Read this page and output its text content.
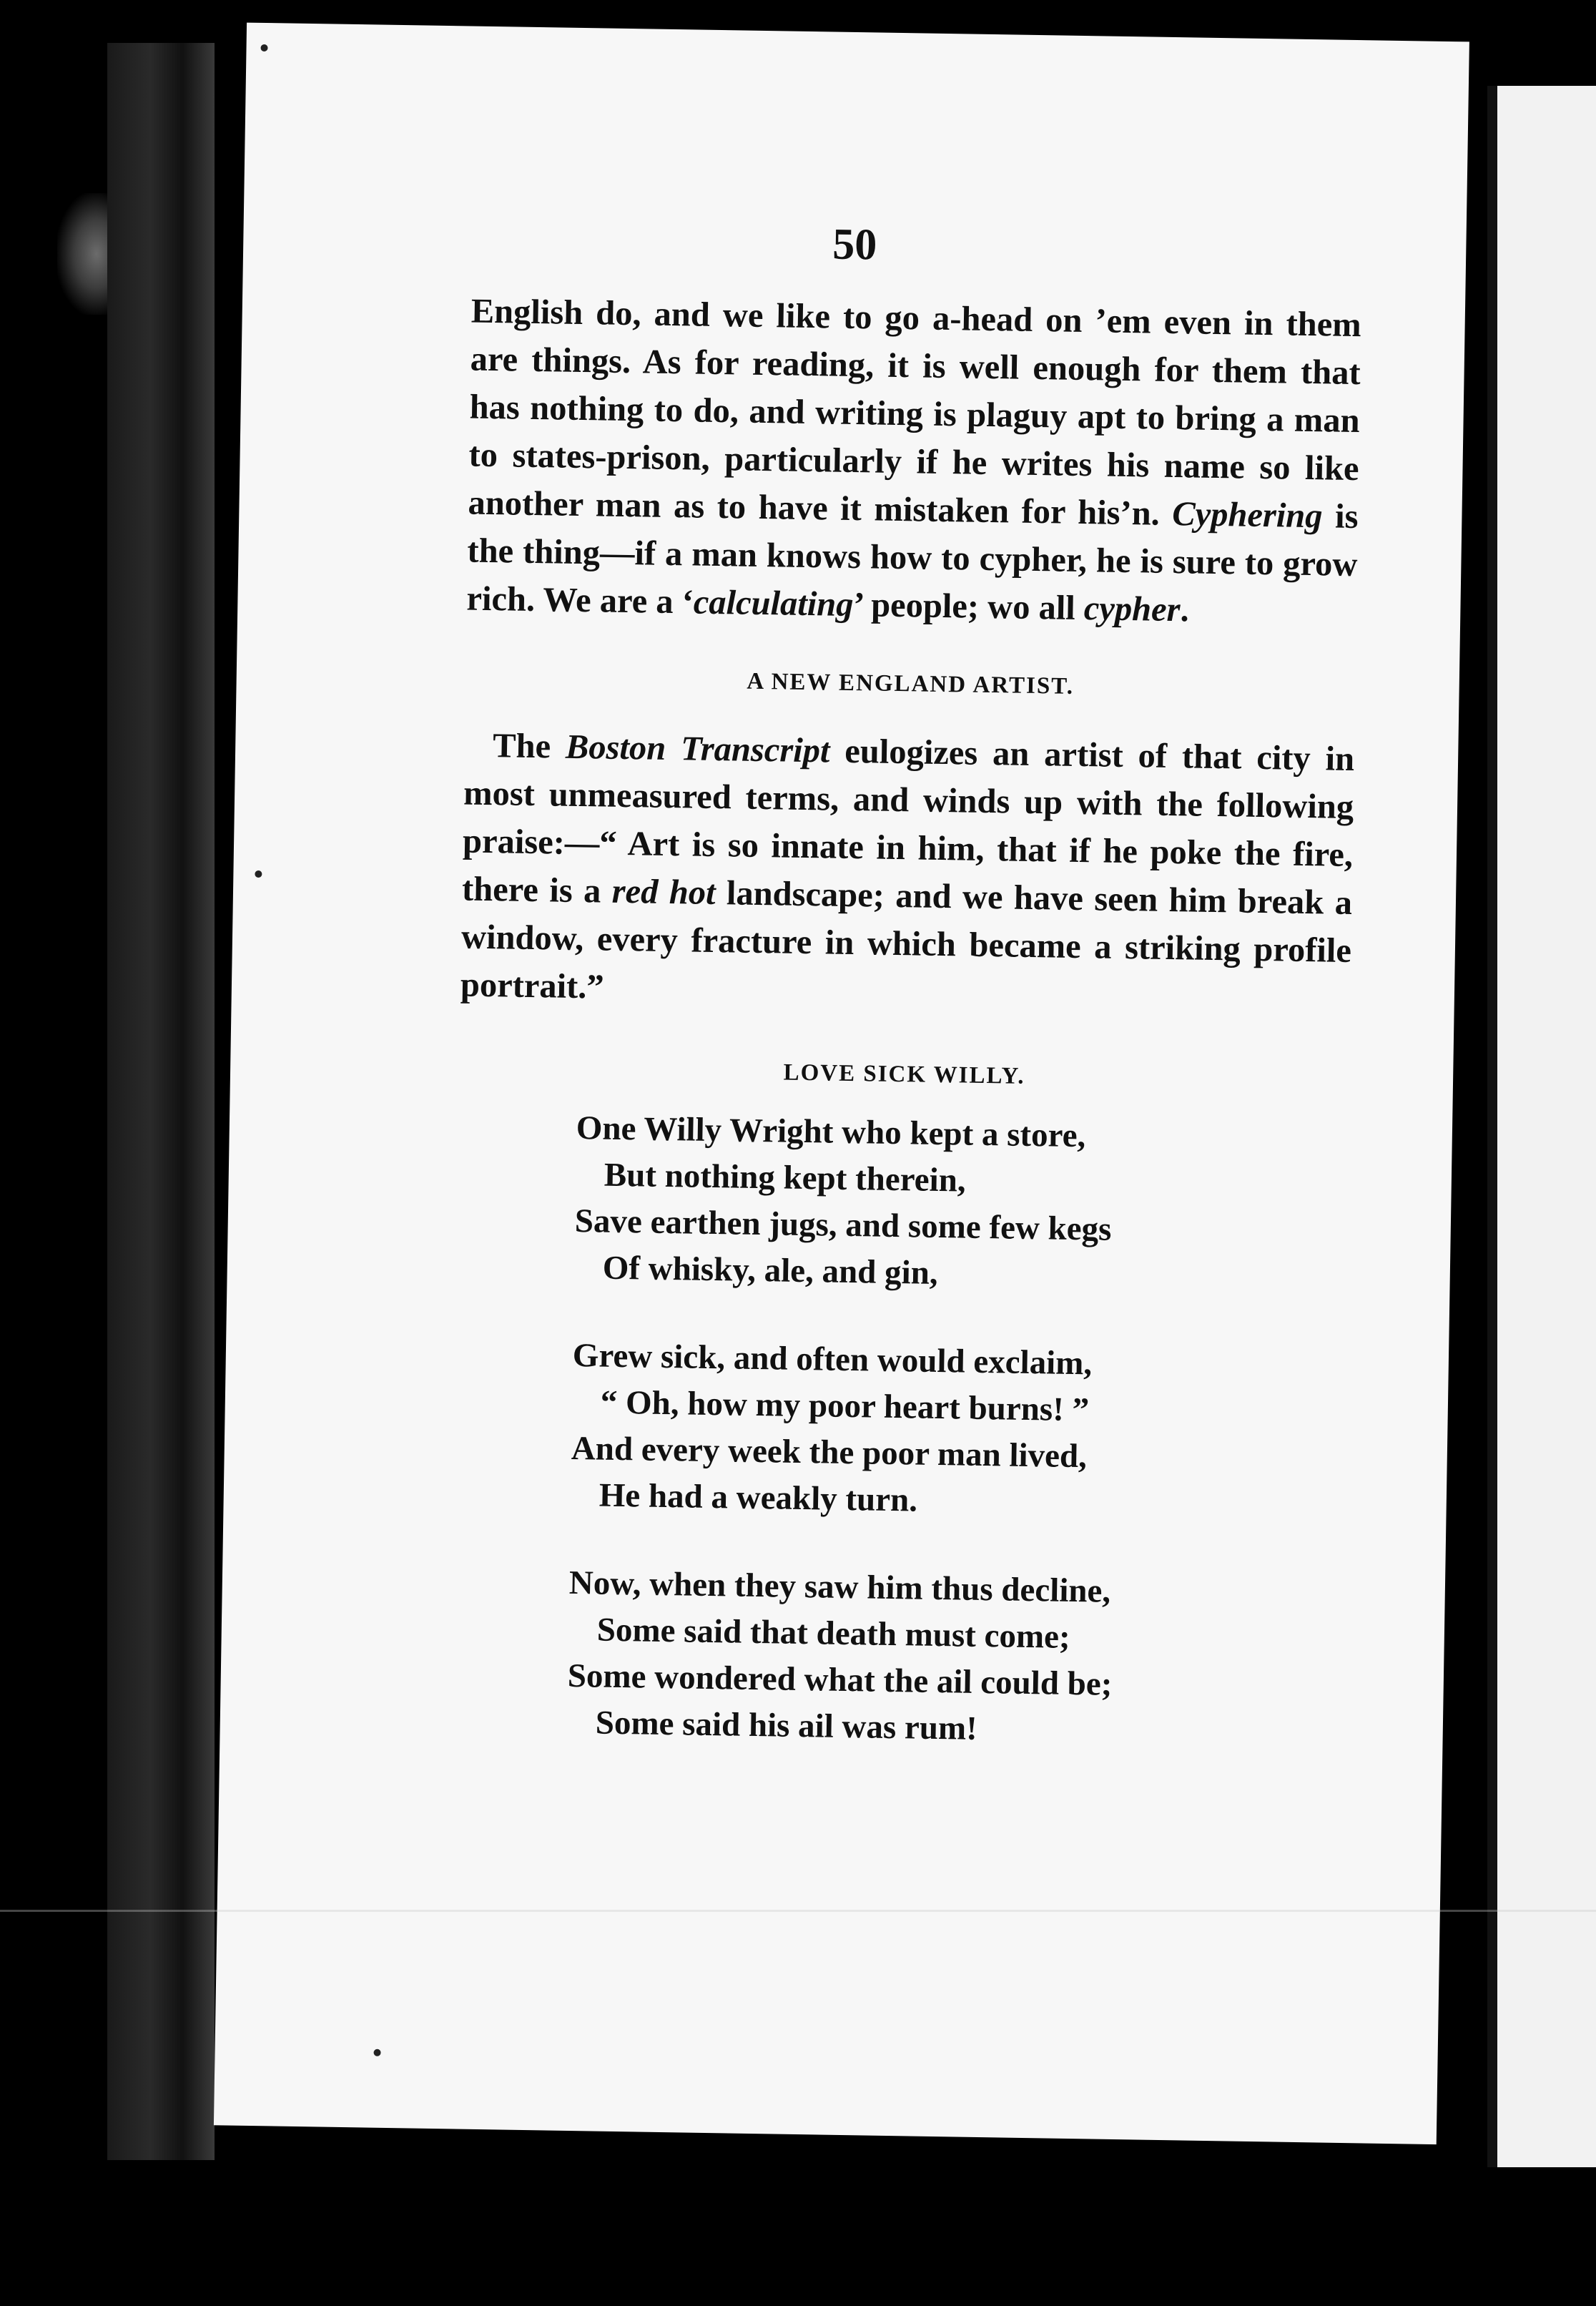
50

English do, and we like to go a-head on ’em even in them are things. As for reading, it is well enough for them that has nothing to do, and writing is plaguy apt to bring a man to states-prison, particularly if he writes his name so like another man as to have it mistaken for his’n. Cyphering is the thing—if a man knows how to cypher, he is sure to grow rich. We are a ‘calculating’ people; wo all cypher.

A NEW ENGLAND ARTIST.

The Boston Transcript eulogizes an artist of that city in most unmeasured terms, and winds up with the following praise:—“ Art is so innate in him, that if he poke the fire, there is a red hot landscape; and we have seen him break a window, every fracture in which became a striking profile portrait.”

LOVE SICK WILLY.
One Willy Wright who kept a store,
But nothing kept therein,
Save earthen jugs, and some few kegs
Of whisky, ale, and gin,
Grew sick, and often would exclaim,
“ Oh, how my poor heart burns! ”
And every week the poor man lived,
He had a weakly turn.
Now, when they saw him thus decline,
Some said that death must come;
Some wondered what the ail could be;
Some said his ail was rum!
